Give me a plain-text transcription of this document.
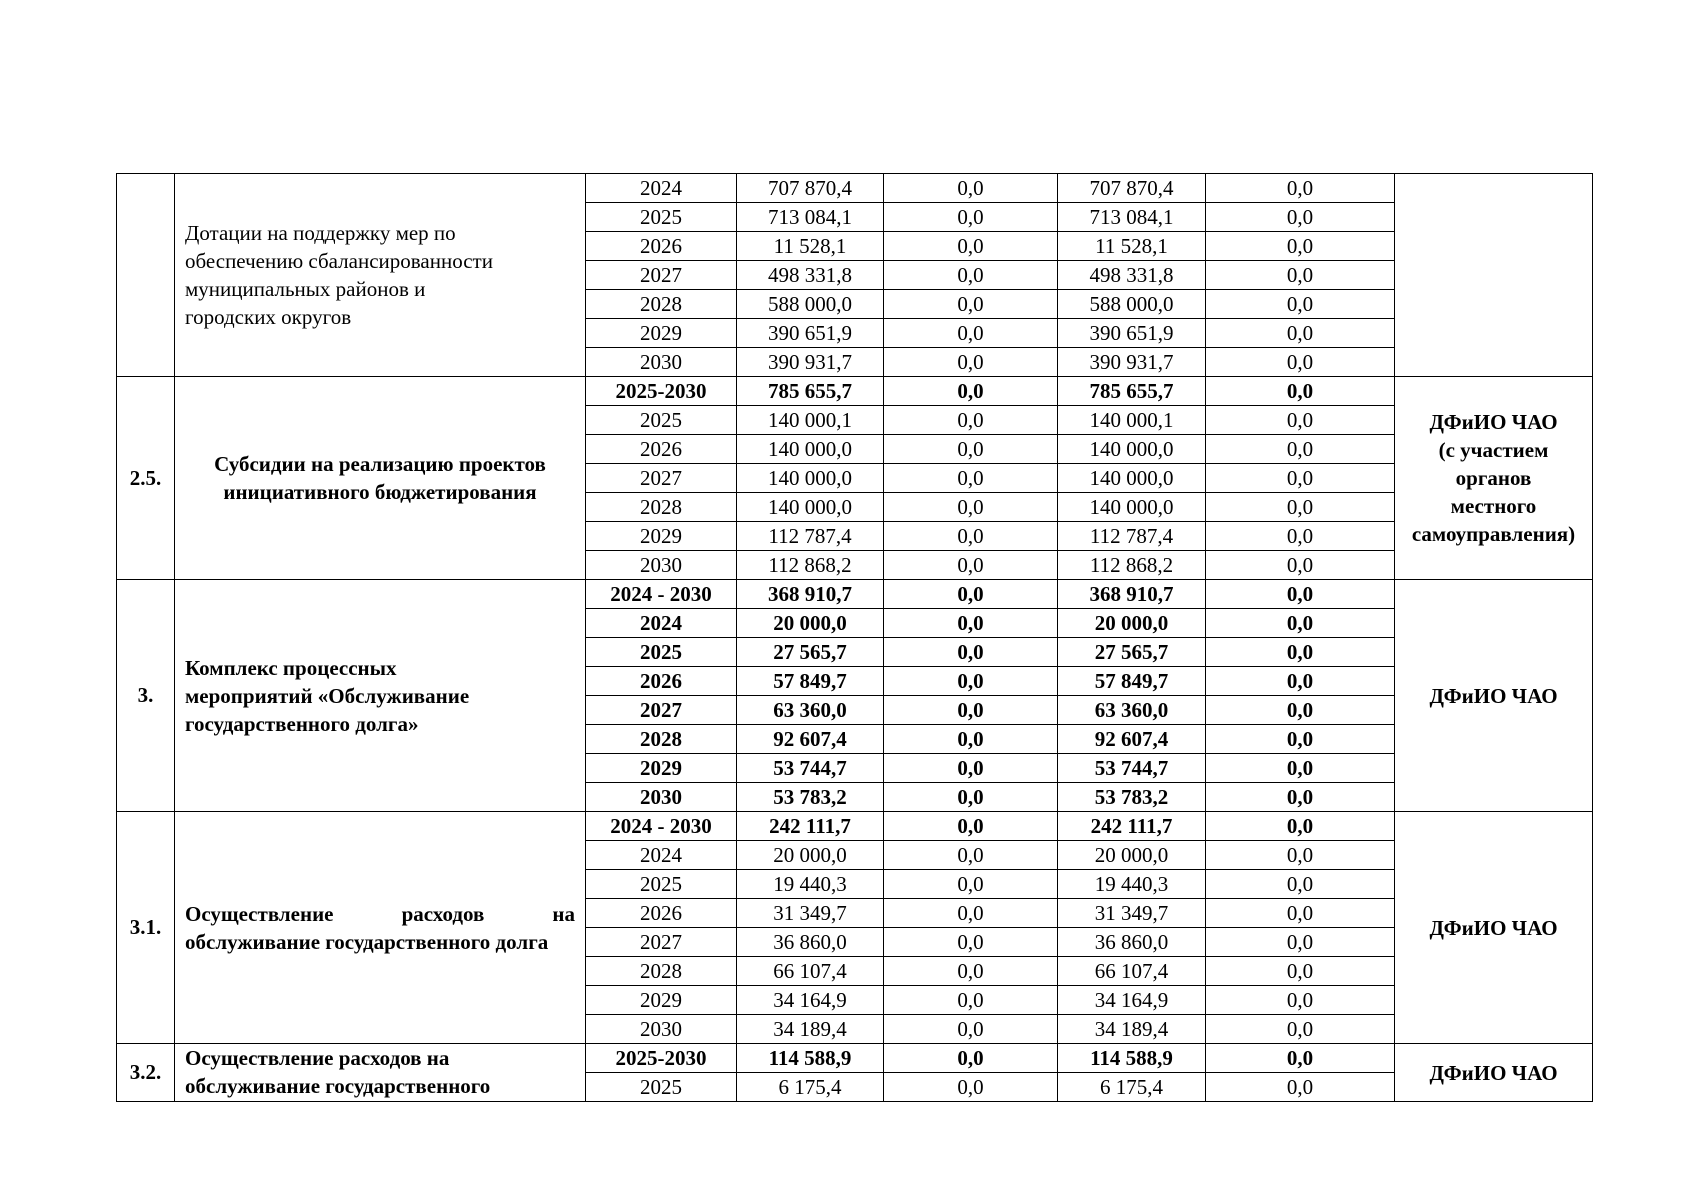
	Дотации на поддержку мер по
обеспечению сбалансированности
муниципальных районов и
городских округов	2024	707 870,4	0,0	707 870,4	0,0	
		2025	713 084,1	0,0	713 084,1	0,0	
		2026	11 528,1	0,0	11 528,1	0,0	
		2027	498 331,8	0,0	498 331,8	0,0	
		2028	588 000,0	0,0	588 000,0	0,0	
		2029	390 651,9	0,0	390 651,9	0,0	
		2030	390 931,7	0,0	390 931,7	0,0	
2.5.	Субсидии на реализацию проектов
инициативного бюджетирования	2025-2030	785 655,7	0,0	785 655,7	0,0	ДФиИО ЧАО
(с участием
органов
местного
самоуправления)
		2025	140 000,1	0,0	140 000,1	0,0	
		2026	140 000,0	0,0	140 000,0	0,0	
		2027	140 000,0	0,0	140 000,0	0,0	
		2028	140 000,0	0,0	140 000,0	0,0	
		2029	112 787,4	0,0	112 787,4	0,0	
		2030	112 868,2	0,0	112 868,2	0,0	
3.	Комплекс процессных
мероприятий «Обслуживание
государственного долга»	2024 - 2030	368 910,7	0,0	368 910,7	0,0	ДФиИО ЧАО
		2024	20 000,0	0,0	20 000,0	0,0	
		2025	27 565,7	0,0	27 565,7	0,0	
		2026	57 849,7	0,0	57 849,7	0,0	
		2027	63 360,0	0,0	63 360,0	0,0	
		2028	92 607,4	0,0	92 607,4	0,0	
		2029	53 744,7	0,0	53 744,7	0,0	
		2030	53 783,2	0,0	53 783,2	0,0	
3.1.	Осуществление расходов на обслуживание государственного долга	2024 - 2030	242 111,7	0,0	242 111,7	0,0	ДФиИО ЧАО
		2024	20 000,0	0,0	20 000,0	0,0	
		2025	19 440,3	0,0	19 440,3	0,0	
		2026	31 349,7	0,0	31 349,7	0,0	
		2027	36 860,0	0,0	36 860,0	0,0	
		2028	66 107,4	0,0	66 107,4	0,0	
		2029	34 164,9	0,0	34 164,9	0,0	
		2030	34 189,4	0,0	34 189,4	0,0	
3.2.	Осуществление расходов на
обслуживание государственного	2025-2030	114 588,9	0,0	114 588,9	0,0	ДФиИО ЧАО
		2025	6 175,4	0,0	6 175,4	0,0	
